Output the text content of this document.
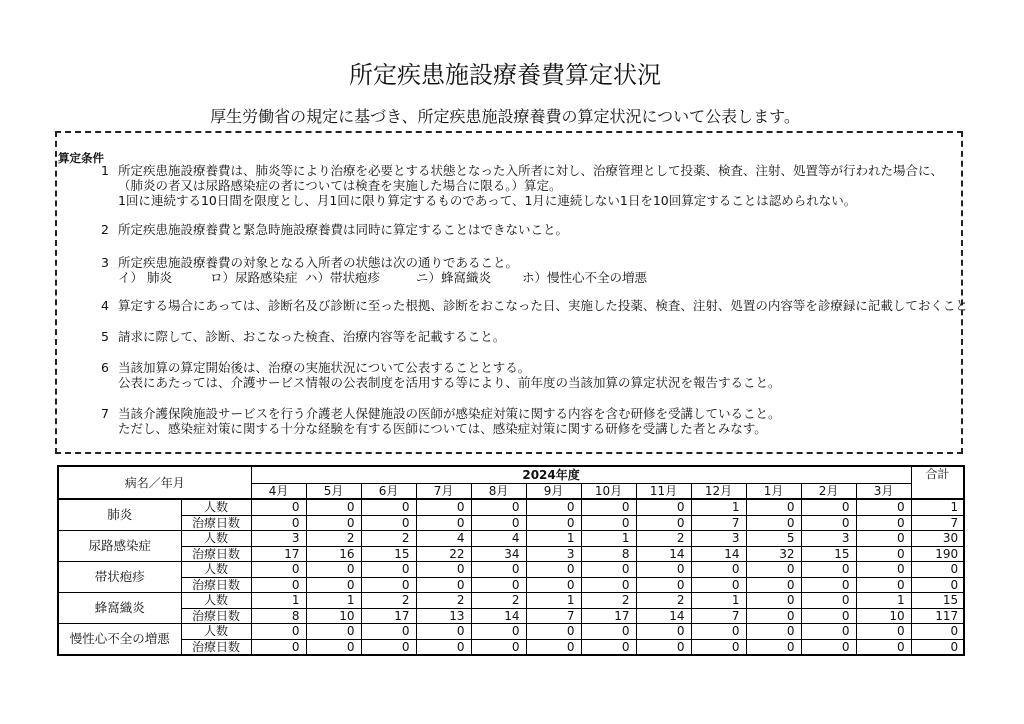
所定疾患施設療養費算定状況
厚生労働省の規定に基づき、所定疾患施設療養費の算定状況について公表します。
算定条件
1 所定疾患施設療養費は、肺炎等により治療を必要とする状態となった入所者に対し、治療管理として投薬、検査、注射、処置等が行われた場合に、
（肺炎の者又は尿路感染症の者については検査を実施した場合に限る。）算定。
1回に連続する10日間を限度とし、月1回に限り算定するものであって、1月に連続しない1日を10回算定することは認められない。
2 所定疾患施設療養費と緊急時施設療養費は同時に算定することはできないこと。
3 所定疾患施設療養費の対象となる入所者の状態は次の通りであること。
イ） 肺炎	ロ）尿路感染症 ハ）帯状疱疹	ニ）蜂窩織炎 ホ）慢性心不全の増悪
4 算定する場合にあっては、診断名及び診断に至った根拠、診断をおこなった日、実施した投薬、検査、注射、処置の内容等を診療録に記載しておくこと
5 請求に際して、診断、おこなった検査、治療内容等を記載すること。
6 当該加算の算定開始後は、治療の実施状況について公表することとする。
公表にあたっては、介護サービス情報の公表制度を活用する等により、前年度の当該加算の算定状況を報告すること。
7 当該介護保険施設サービスを行う介護老人保健施設の医師が感染症対策に関する内容を含む研修を受講していること。
ただし、感染症対策に関する十分な経験を有する医師については、感染症対策に関する研修を受講した者とみなす。
病名／年月		2024年度												合計
		4月	5月	6月	7月	8月	9月	10月	11月	12月	1月	2月	3月	
肺炎	人数	0	0	0	0	0	0	0	0	1	0	0	0	1
	治療日数	0	0	0	0	0	0	0	0	7	0	0	0	7
尿路感染症	人数	3	2	2	4	4	1	1	2	3	5	3	0	30
	治療日数	17	16	15	22	34	3	8	14	14	32	15	0	190
帯状疱疹	人数	0	0	0	0	0	0	0	0	0	0	0	0	0
	治療日数	0	0	0	0	0	0	0	0	0	0	0	0	0
蜂窩織炎	人数	1	1	2	2	2	1	2	2	1	0	0	1	15
	治療日数	8	10	17	13	14	7	17	14	7	0	0	10	117
慢性心不全の増悪	人数	0	0	0	0	0	0	0	0	0	0	0	0	0
	治療日数	0	0	0	0	0	0	0	0	0	0	0	0	0
